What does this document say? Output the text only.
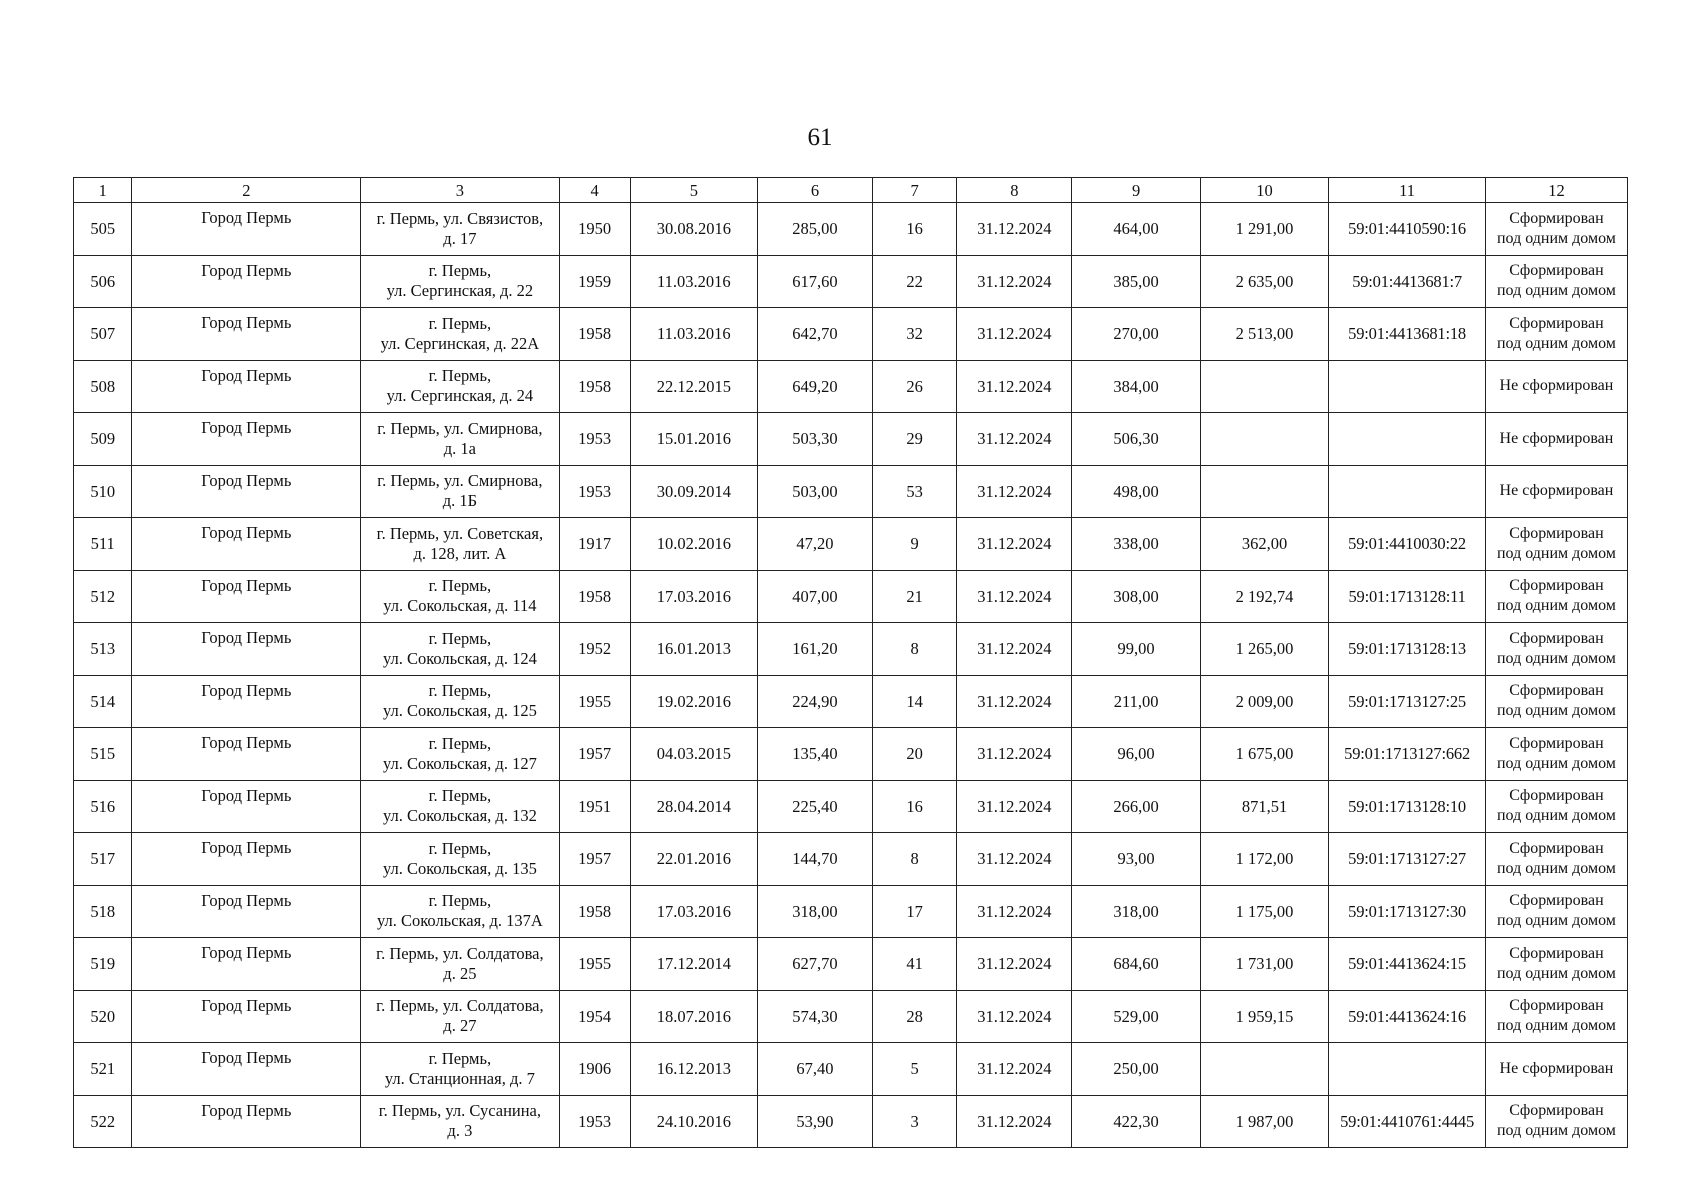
61
1	2	3	4	5	6	7	8	9	10	11	12
505	Город Пермь	г. Пермь, ул. Связистов,
д. 17	1950	30.08.2016	285,00	16	31.12.2024	464,00	1 291,00	59:01:4410590:16	Сформирован
под одним домом

506	Город Пермь	г. Пермь,
ул. Сергинская, д. 22	1959	11.03.2016	617,60	22	31.12.2024	385,00	2 635,00	59:01:4413681:7	Сформирован
под одним домом

507	Город Пермь	г. Пермь,
ул. Сергинская, д. 22А	1958	11.03.2016	642,70	32	31.12.2024	270,00	2 513,00	59:01:4413681:18	Сформирован
под одним домом

508	Город Пермь	г. Пермь,
ул. Сергинская, д. 24	1958	22.12.2015	649,20	26	31.12.2024	384,00			Не сформирован

509	Город Пермь	г. Пермь, ул. Смирнова,
д. 1а	1953	15.01.2016	503,30	29	31.12.2024	506,30			Не сформирован

510	Город Пермь	г. Пермь, ул. Смирнова,
д. 1Б	1953	30.09.2014	503,00	53	31.12.2024	498,00			Не сформирован

511	Город Пермь	г. Пермь, ул. Советская,
д. 128, лит. А	1917	10.02.2016	47,20	9	31.12.2024	338,00	362,00	59:01:4410030:22	Сформирован
под одним домом

512	Город Пермь	г. Пермь,
ул. Сокольская, д. 114	1958	17.03.2016	407,00	21	31.12.2024	308,00	2 192,74	59:01:1713128:11	Сформирован
под одним домом

513	Город Пермь	г. Пермь,
ул. Сокольская, д. 124	1952	16.01.2013	161,20	8	31.12.2024	99,00	1 265,00	59:01:1713128:13	Сформирован
под одним домом

514	Город Пермь	г. Пермь,
ул. Сокольская, д. 125	1955	19.02.2016	224,90	14	31.12.2024	211,00	2 009,00	59:01:1713127:25	Сформирован
под одним домом

515	Город Пермь	г. Пермь,
ул. Сокольская, д. 127	1957	04.03.2015	135,40	20	31.12.2024	96,00	1 675,00	59:01:1713127:662	Сформирован
под одним домом

516	Город Пермь	г. Пермь,
ул. Сокольская, д. 132	1951	28.04.2014	225,40	16	31.12.2024	266,00	871,51	59:01:1713128:10	Сформирован
под одним домом

517	Город Пермь	г. Пермь,
ул. Сокольская, д. 135	1957	22.01.2016	144,70	8	31.12.2024	93,00	1 172,00	59:01:1713127:27	Сформирован
под одним домом

518	Город Пермь	г. Пермь,
ул. Сокольская, д. 137А	1958	17.03.2016	318,00	17	31.12.2024	318,00	1 175,00	59:01:1713127:30	Сформирован
под одним домом

519	Город Пермь	г. Пермь, ул. Солдатова,
д. 25	1955	17.12.2014	627,70	41	31.12.2024	684,60	1 731,00	59:01:4413624:15	Сформирован
под одним домом

520	Город Пермь	г. Пермь, ул. Солдатова,
д. 27	1954	18.07.2016	574,30	28	31.12.2024	529,00	1 959,15	59:01:4413624:16	Сформирован
под одним домом

521	Город Пермь	г. Пермь,
ул. Станционная, д. 7	1906	16.12.2013	67,40	5	31.12.2024	250,00			Не сформирован

522	Город Пермь	г. Пермь, ул. Сусанина,
д. 3	1953	24.10.2016	53,90	3	31.12.2024	422,30	1 987,00	59:01:4410761:4445	Сформирован
под одним домом
